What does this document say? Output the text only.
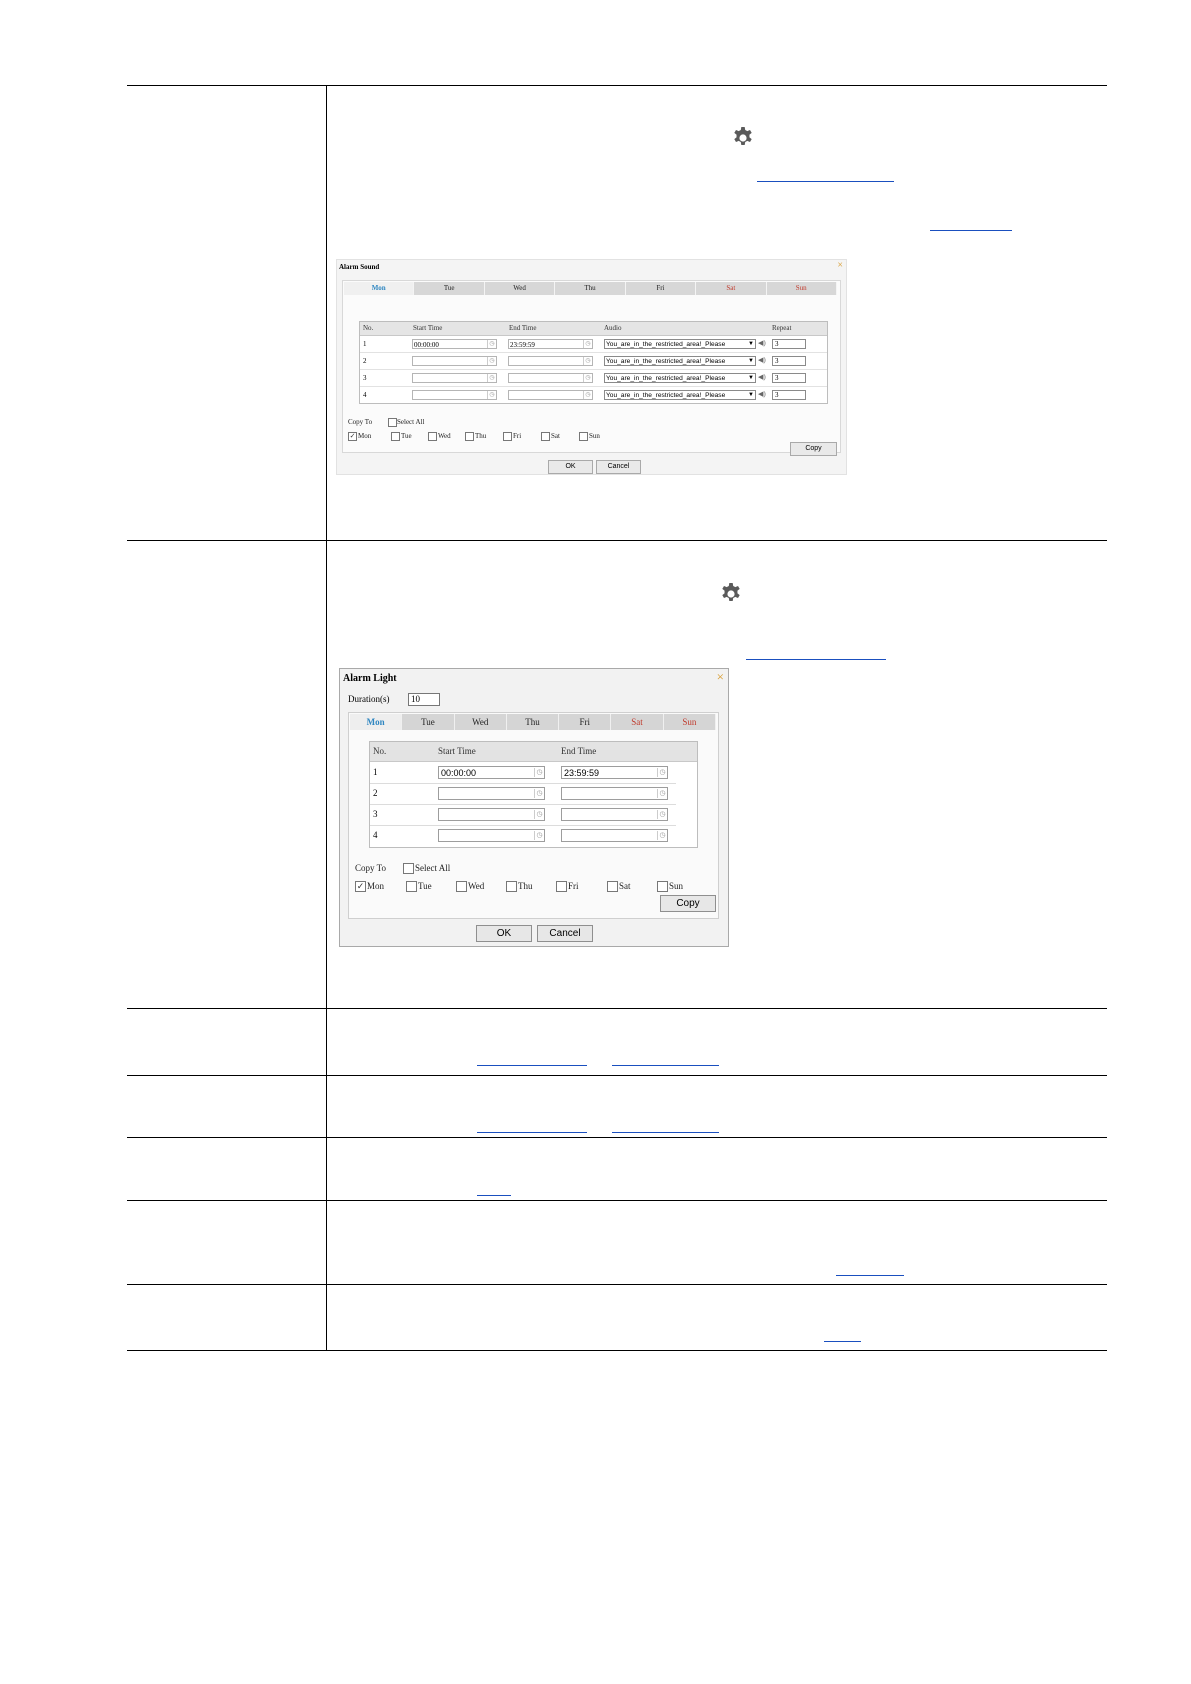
Alarm Sound	×
Mon	Tue	Wed	Thu	Fri	Sat	Sun
No.	Start Time	End Time	Audio	Repeat
1	00:00:00	◷ 23:59:59	◷	You_are_in_the_restricted_area!_Please	▼ ◀)	3
2	◷	◷	You_are_in_the_restricted_area!_Please	▼ ◀)	3
3	◷	◷	You_are_in_the_restricted_area!_Please	▼ ◀)	3
4	◷	◷	You_are_in_the_restricted_area!_Please	▼ ◀)	3
Copy To	Select All
✓ Mon	Tue	Wed	Thu	Fri	Sat	Sun
Copy
OK	Cancel
Alarm Light	×
Duration(s)	10
Mon	Tue	Wed	Thu	Fri	Sat	Sun
No.	Start Time	End Time
1	00:00:00	◷	23:59:59	◷
2	◷	◷
3	◷	◷
4	◷	◷
Copy To	Select All
✓ Mon	Tue	Wed	Thu	Fri	Sat	Sun
Copy
OK	Cancel
